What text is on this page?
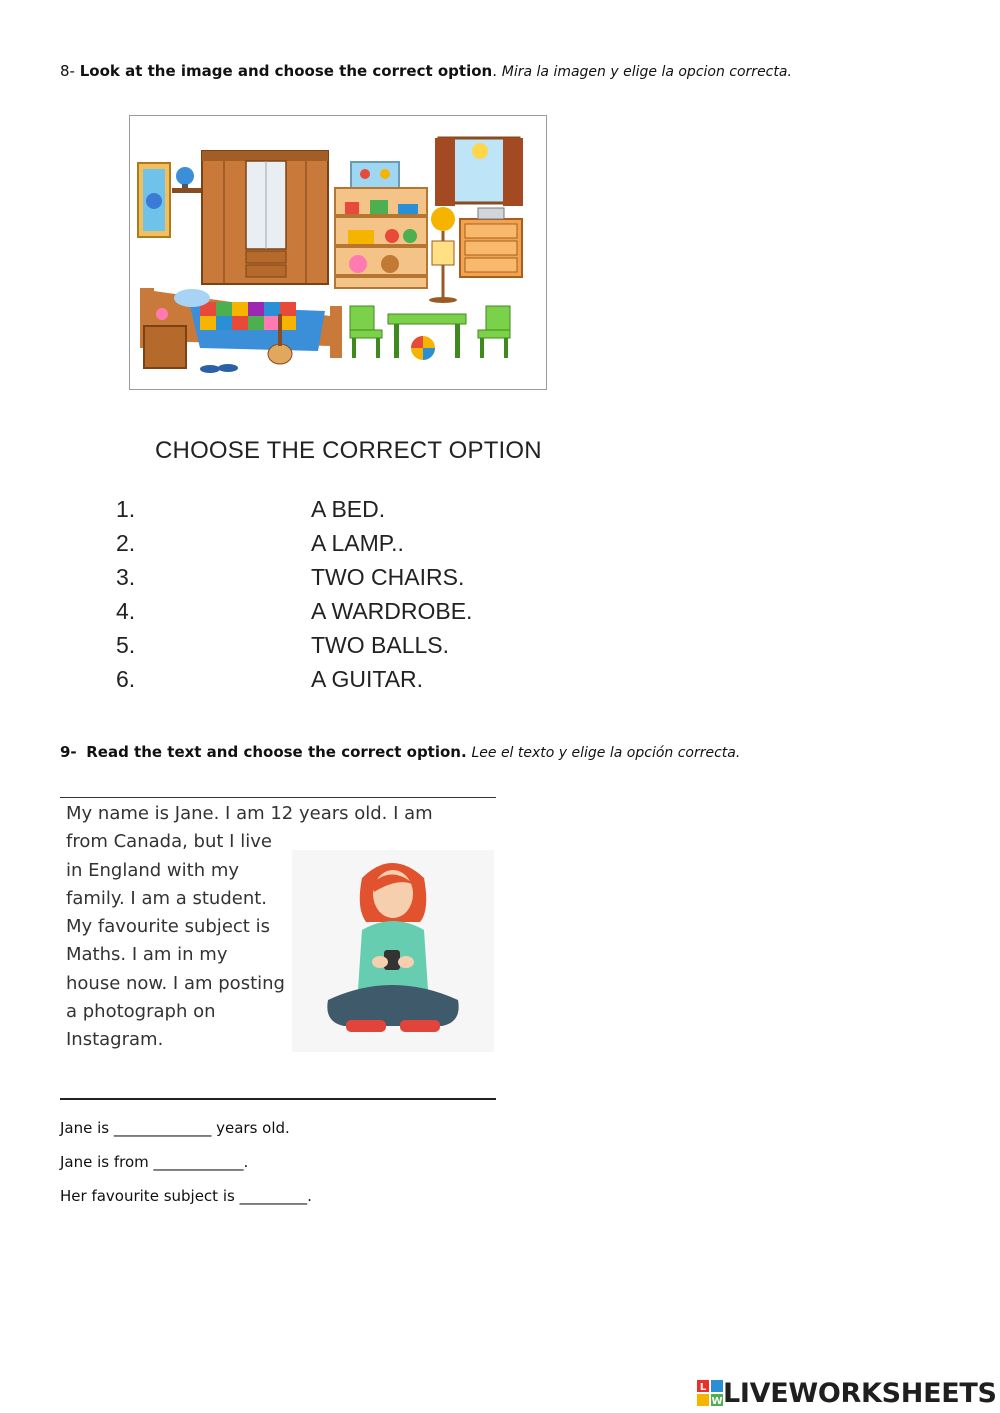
8- Look at the image and choose the correct option. Mira la imagen y elige la opcion correcta.
CHOOSE THE CORRECT OPTION
1.	A BED.
2.	A LAMP..
3.	TWO CHAIRS.
4.	A WARDROBE.
5.	TWO BALLS.
6.	A GUITAR.
9- Read the text and choose the correct option. Lee el texto y elige la opción correcta.
My name is Jane. I am 12 years old. I am
from Canada, but I live in England with my family. I am a student. My favourite subject is Maths. I am in my house now. I am posting a photograph on Instagram.
Jane is _____________ years old.
Jane is from ____________.
Her favourite subject is _________.
L
W LIVEWORKSHEETS
